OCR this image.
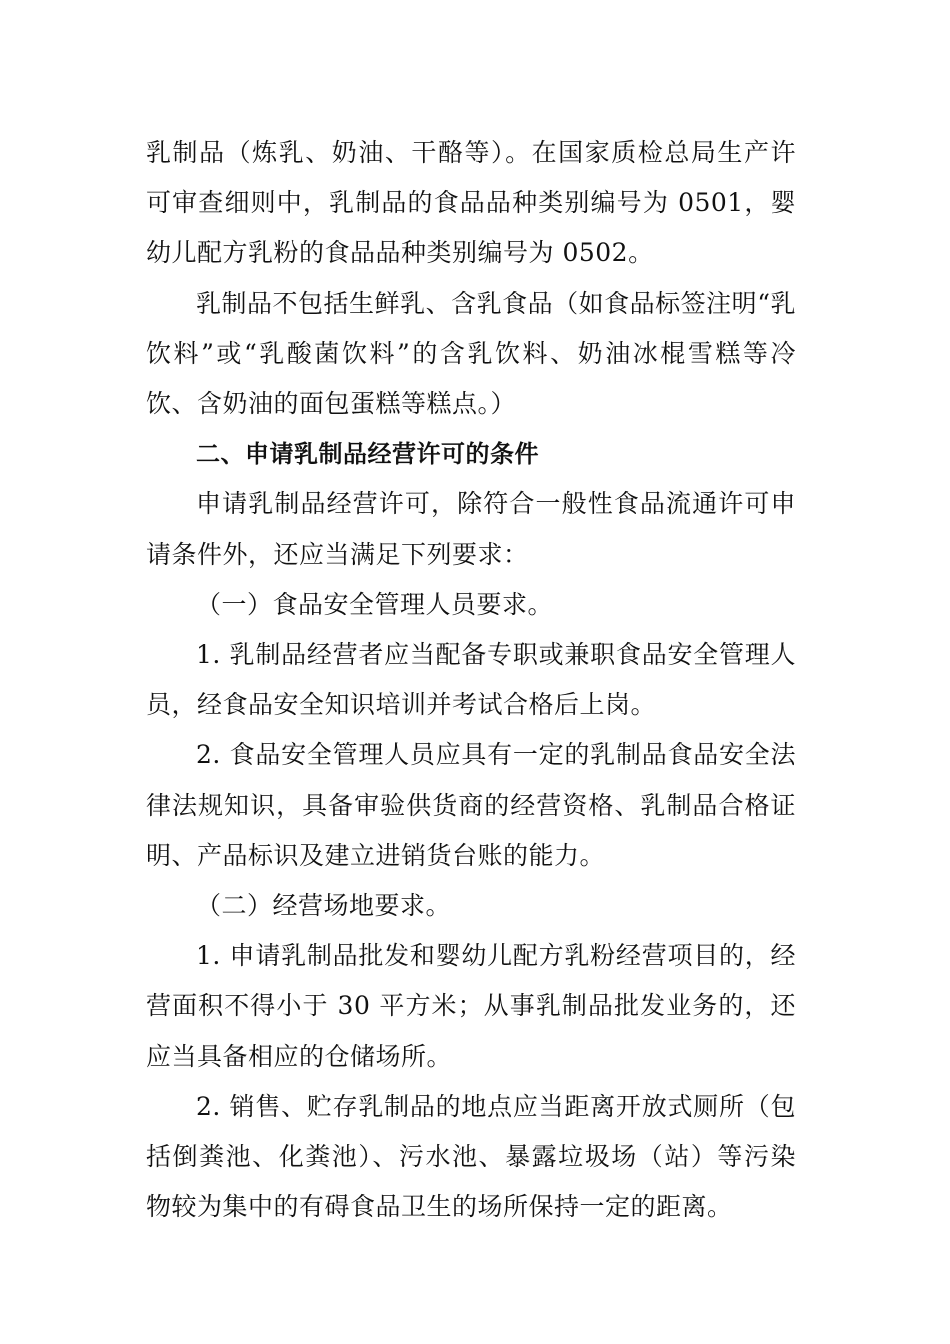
乳制品（炼乳、奶油、干酪等）。在国家质检总局生产许可审查细则中，乳制品的食品品种类别编号为 0501，婴幼儿配方乳粉的食品品种类别编号为 0502。

乳制品不包括生鲜乳、含乳食品（如食品标签注明“乳饮料”或“乳酸菌饮料”的含乳饮料、奶油冰棍雪糕等冷饮、含奶油的面包蛋糕等糕点。）

二、申请乳制品经营许可的条件

申请乳制品经营许可，除符合一般性食品流通许可申请条件外，还应当满足下列要求：

（一）食品安全管理人员要求。

1. 乳制品经营者应当配备专职或兼职食品安全管理人员，经食品安全知识培训并考试合格后上岗。

2. 食品安全管理人员应具有一定的乳制品食品安全法律法规知识，具备审验供货商的经营资格、乳制品合格证明、产品标识及建立进销货台账的能力。

（二）经营场地要求。

1. 申请乳制品批发和婴幼儿配方乳粉经营项目的，经营面积不得小于 30 平方米；从事乳制品批发业务的，还应当具备相应的仓储场所。

2. 销售、贮存乳制品的地点应当距离开放式厕所（包括倒粪池、化粪池）、污水池、暴露垃圾场（站）等污染物较为集中的有碍食品卫生的场所保持一定的距离。
